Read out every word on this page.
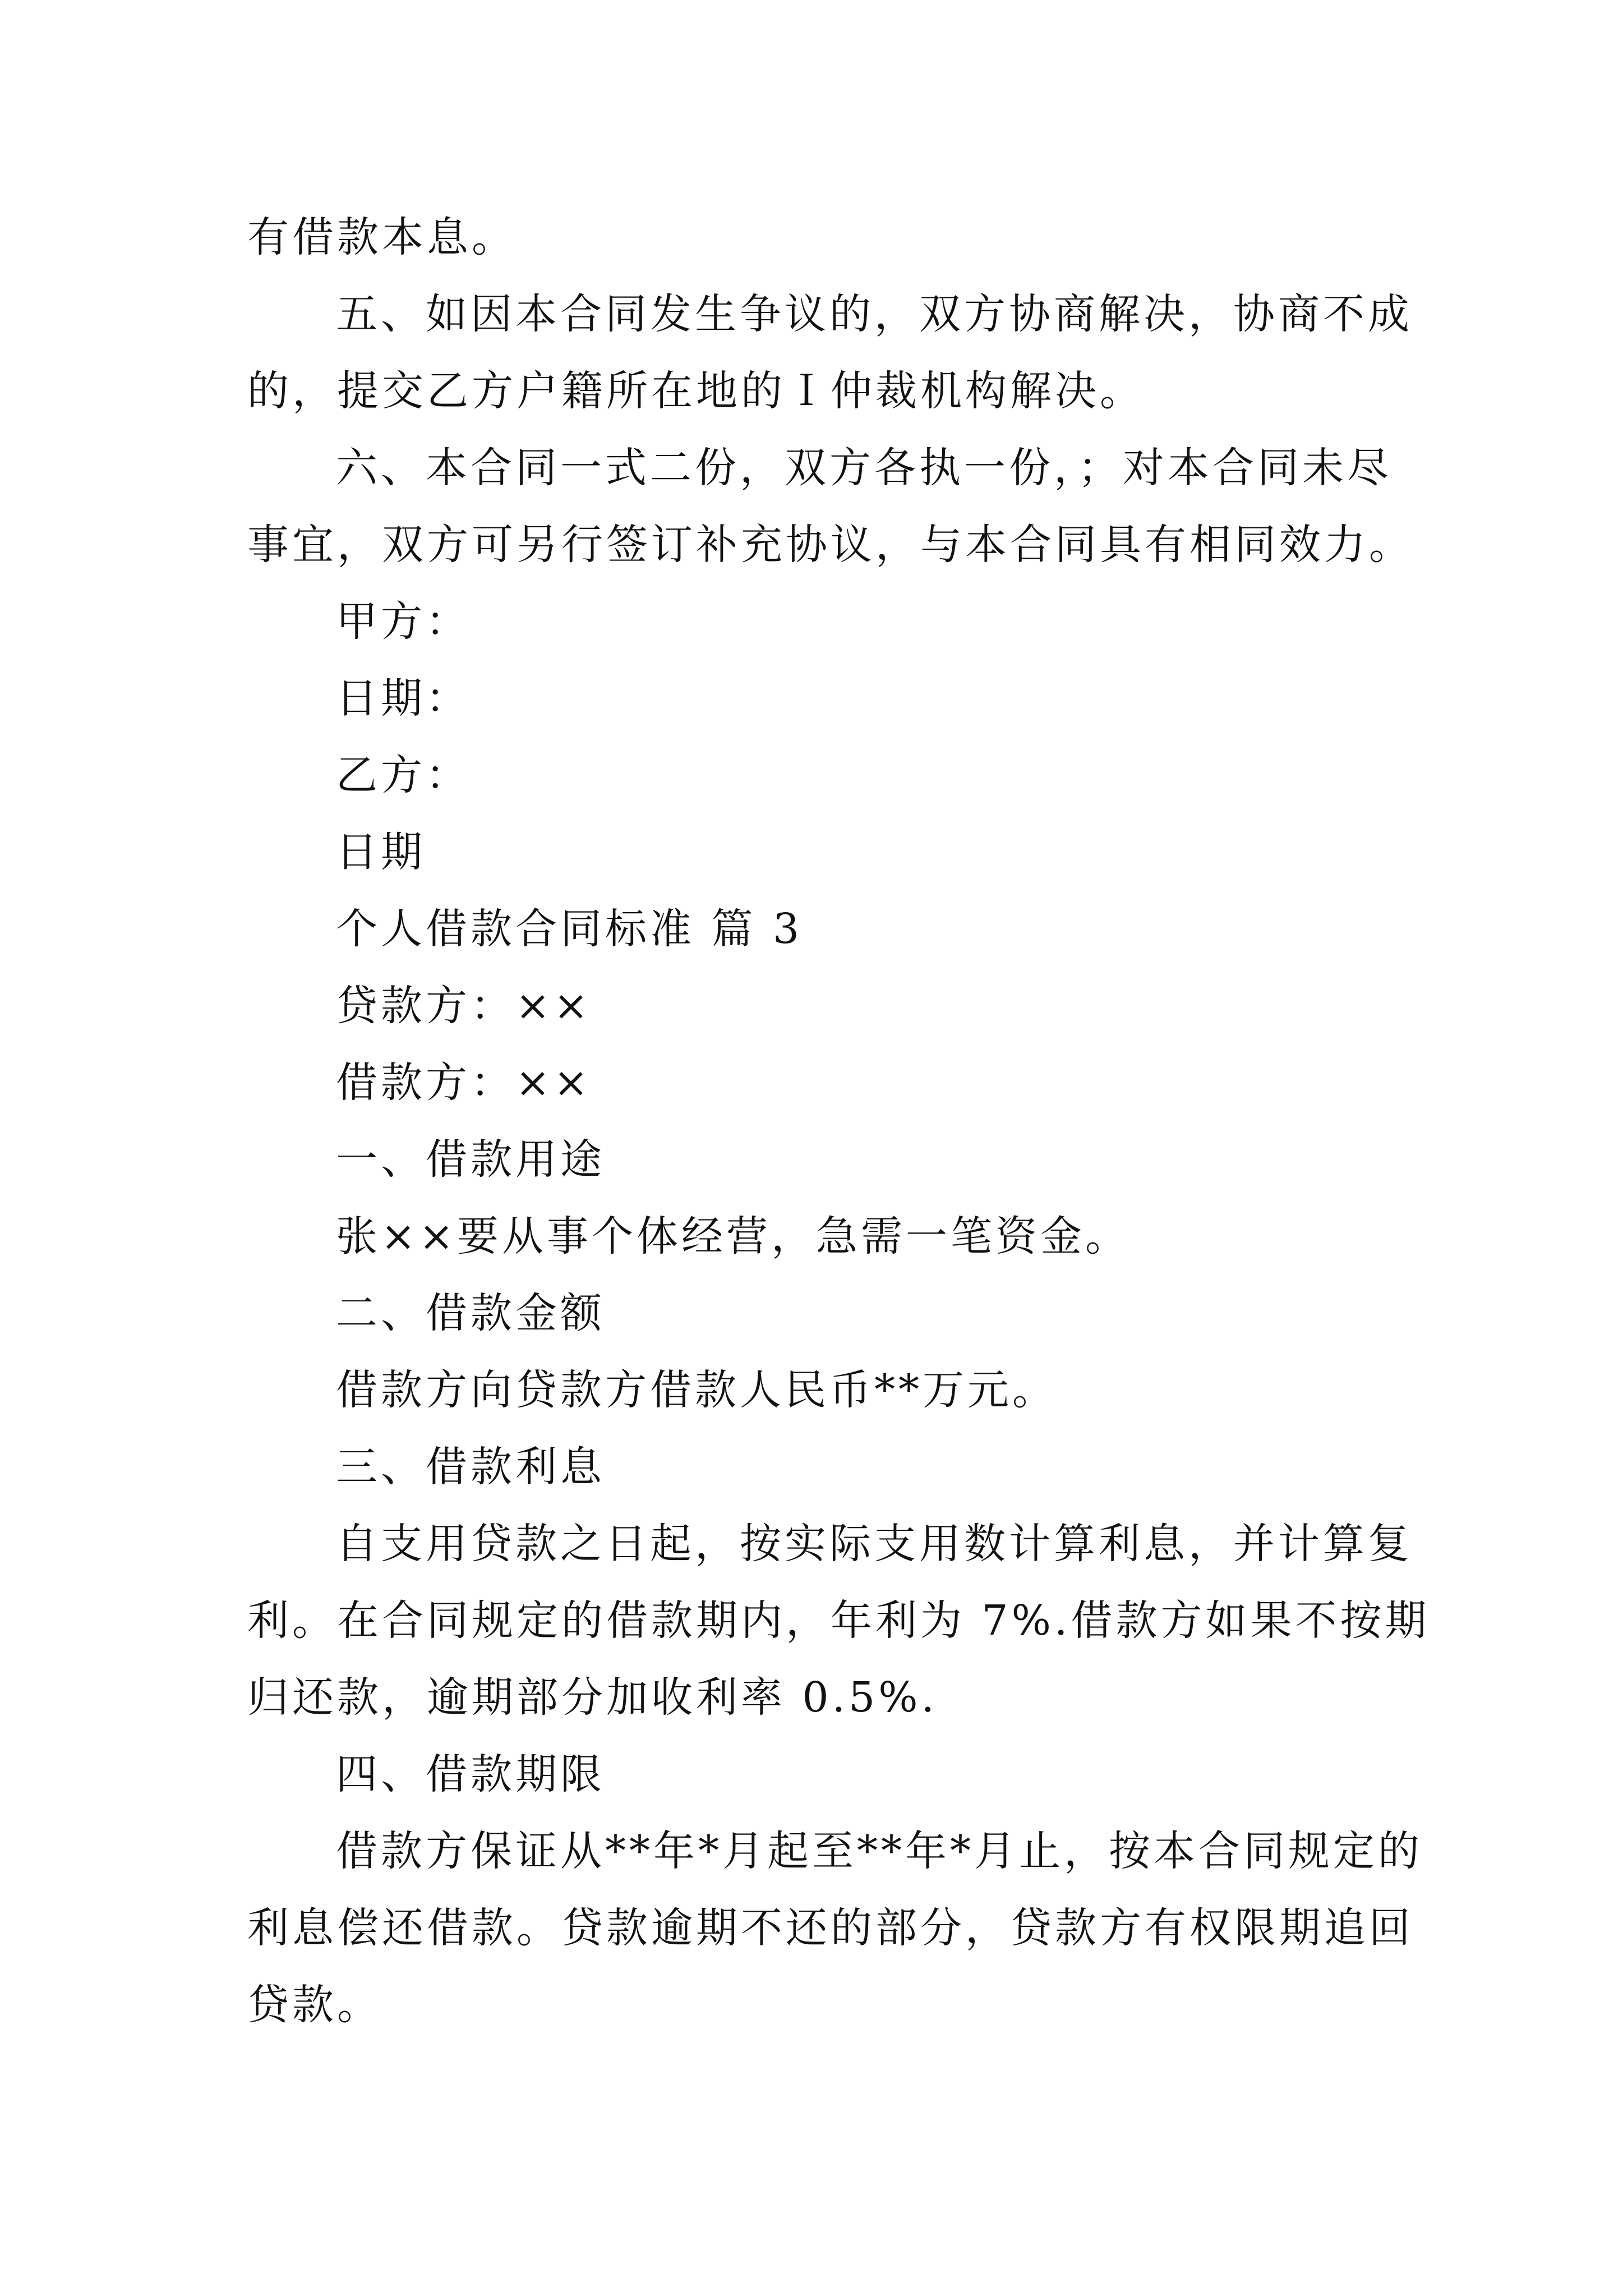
有借款本息。

五、如因本合同发生争议的，双方协商解决，协商不成

的，提交乙方户籍所在地的Ｉ仲裁机构解决。

六、本合同一式二份，双方各执一份，；对本合同未尽

事宜，双方可另行签订补充协议，与本合同具有相同效力。

甲方：

日期：

乙方：

日期

个人借款合同标准 篇 3

贷款方：××

借款方：××

一、借款用途

张××要从事个体经营，急需一笔资金。

二、借款金额

借款方向贷款方借款人民币**万元。

三、借款利息

自支用贷款之日起，按实际支用数计算利息，并计算复

利。在合同规定的借款期内，年利为 7%.借款方如果不按期

归还款，逾期部分加收利率 0.5%.

四、借款期限

借款方保证从**年*月起至**年*月止，按本合同规定的

利息偿还借款。贷款逾期不还的部分，贷款方有权限期追回

贷款。
